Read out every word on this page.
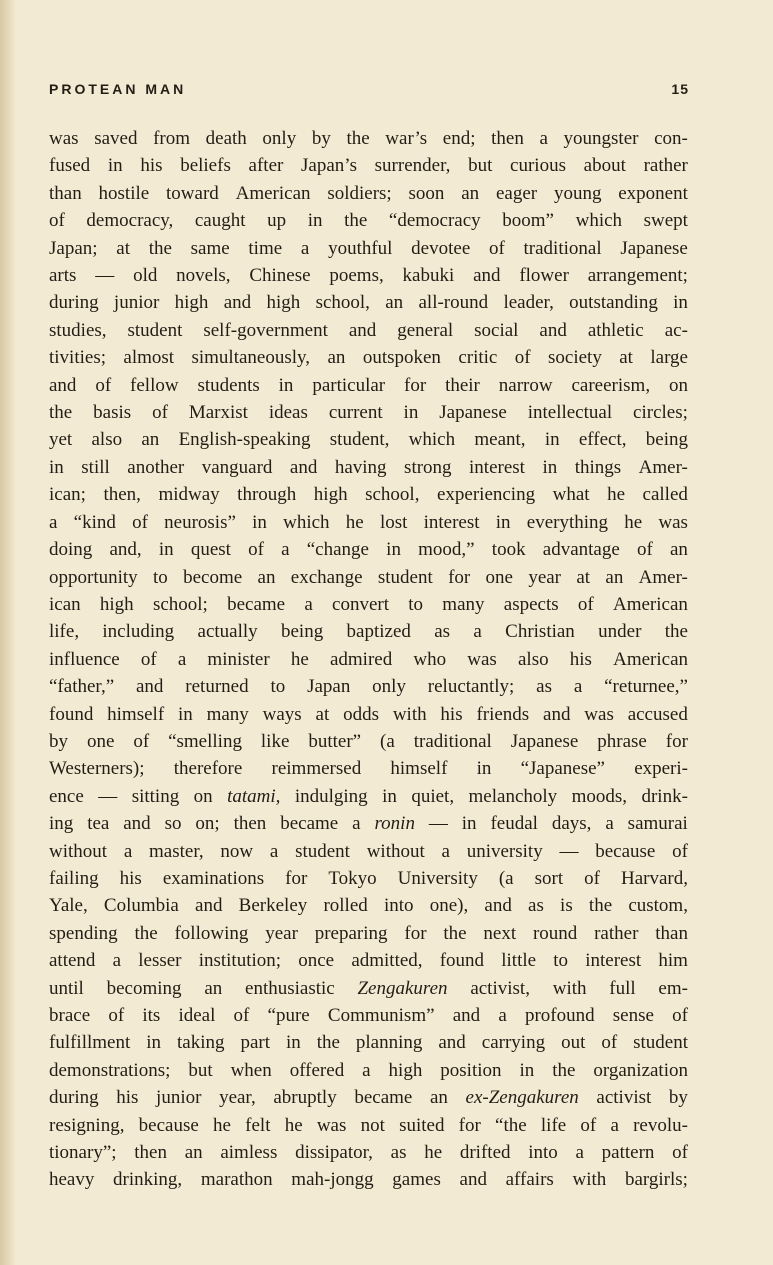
PROTEAN MAN	15
was saved from death only by the war’s end; then a youngster con-
fused in his beliefs after Japan’s surrender, but curious about rather
than hostile toward American soldiers; soon an eager young exponent
of democracy, caught up in the “democracy boom” which swept
Japan; at the same time a youthful devotee of traditional Japanese
arts — old novels, Chinese poems, kabuki and flower arrangement;
during junior high and high school, an all-round leader, outstanding in
studies, student self-government and general social and athletic ac-
tivities; almost simultaneously, an outspoken critic of society at large
and of fellow students in particular for their narrow careerism, on
the basis of Marxist ideas current in Japanese intellectual circles;
yet also an English-speaking student, which meant, in effect, being
in still another vanguard and having strong interest in things Amer-
ican; then, midway through high school, experiencing what he called
a “kind of neurosis” in which he lost interest in everything he was
doing and, in quest of a “change in mood,” took advantage of an
opportunity to become an exchange student for one year at an Amer-
ican high school; became a convert to many aspects of American
life, including actually being baptized as a Christian under the
influence of a minister he admired who was also his American
“father,” and returned to Japan only reluctantly; as a “returnee,”
found himself in many ways at odds with his friends and was accused
by one of “smelling like butter” (a traditional Japanese phrase for
Westerners); therefore reimmersed himself in “Japanese” experi-
ence — sitting on tatami, indulging in quiet, melancholy moods, drink-
ing tea and so on; then became a ronin — in feudal days, a samurai
without a master, now a student without a university — because of
failing his examinations for Tokyo University (a sort of Harvard,
Yale, Columbia and Berkeley rolled into one), and as is the custom,
spending the following year preparing for the next round rather than
attend a lesser institution; once admitted, found little to interest him
until becoming an enthusiastic Zengakuren activist, with full em-
brace of its ideal of “pure Communism” and a profound sense of
fulfillment in taking part in the planning and carrying out of student
demonstrations; but when offered a high position in the organization
during his junior year, abruptly became an ex-Zengakuren activist by
resigning, because he felt he was not suited for “the life of a revolu-
tionary”; then an aimless dissipator, as he drifted into a pattern of
heavy drinking, marathon mah-jongg games and affairs with bargirls;
